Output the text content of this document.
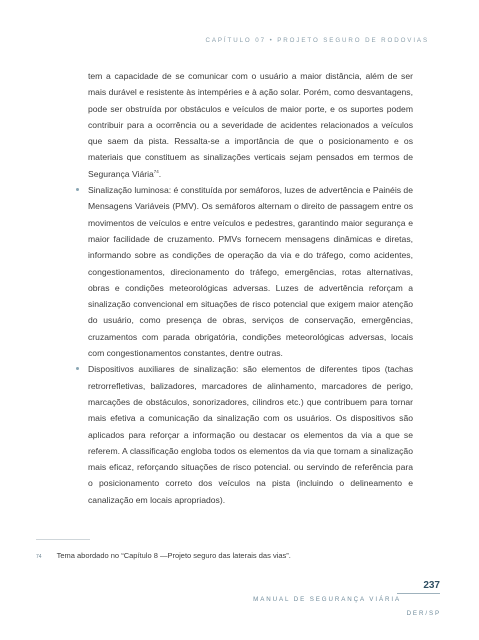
CAPÍTULO 07 • PROJETO SEGURO DE RODOVIAS

tem a capacidade de se comunicar com o usuário a maior distância, além de ser mais durável e resistente às intempéries e à ação solar. Porém, como desvantagens, pode ser obstruída por obstáculos e veículos de maior porte, e os suportes podem contribuir para a ocorrência ou a severidade de acidentes relacionados a veículos que saem da pista. Ressalta-se a importância de que o posicionamento e os materiais que constituem as sinalizações verticais sejam pensados em termos de Segurança Viária$^{74}$.

Sinalização luminosa: é constituída por semáforos, luzes de advertência e Painéis de Mensagens Variáveis (PMV). Os semáforos alternam o direito de passagem entre os movimentos de veículos e entre veículos e pedestres, garantindo maior segurança e maior facilidade de cruzamento. PMVs fornecem mensagens dinâmicas e diretas, informando sobre as condições de operação da via e do tráfego, como acidentes, congestionamentos, direcionamento do tráfego, emergências, rotas alternativas, obras e condições meteorológicas adversas. Luzes de advertência reforçam a sinalização convencional em situações de risco potencial que exigem maior atenção do usuário, como presença de obras, serviços de conservação, emergências, cruzamentos com parada obrigatória, condições meteorológicas adversas, locais com congestionamentos constantes, dentre outras.

Dispositivos auxiliares de sinalização: são elementos de diferentes tipos (tachas retrorrefletivas, balizadores, marcadores de alinhamento, marcadores de perigo, marcações de obstáculos, sonorizadores, cilindros etc.) que contribuem para tornar mais efetiva a comunicação da sinalização com os usuários. Os dispositivos são aplicados para reforçar a informação ou destacar os elementos da via a que se referem. A classificação engloba todos os elementos da via que tornam a sinalização mais eficaz, reforçando situações de risco potencial. ou servindo de referência para o posicionamento correto dos veículos na pista (incluindo o delineamento e canalização em locais apropriados).

74 Tema abordado no “Capítulo 8 —Projeto seguro das laterais das vias”.
237
MANUAL DE SEGURANÇA VIÁRIA
DER/SP
